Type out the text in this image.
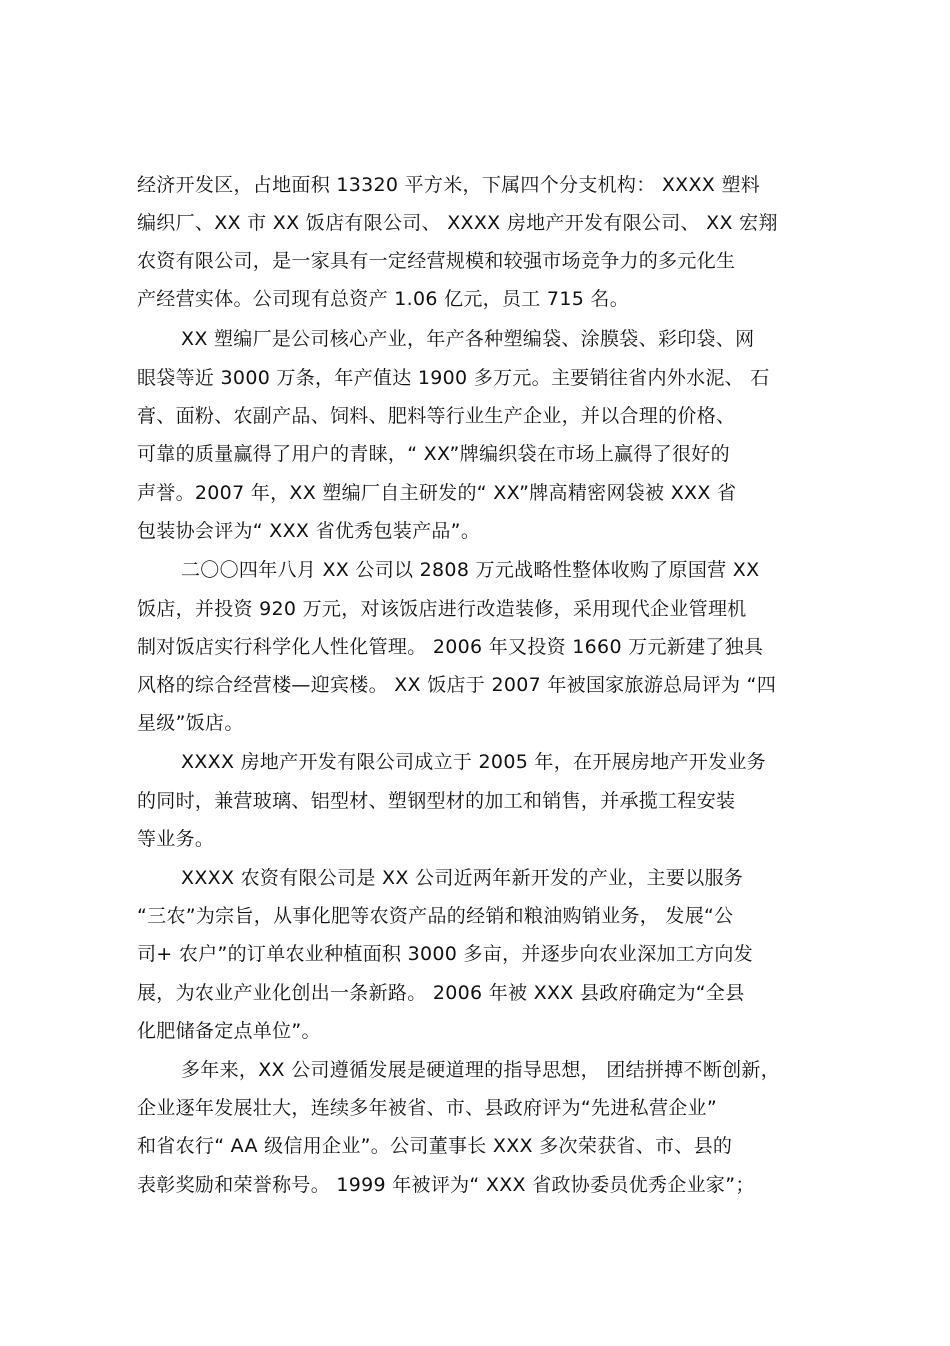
经济开发区，占地面积 13320 平方米，下属四个分支机构： XXXX 塑料
编织厂、XX 市 XX 饭店有限公司、 XXXX 房地产开发有限公司、 XX 宏翔
农资有限公司，是一家具有一定经营规模和较强市场竞争力的多元化生
产经营实体。公司现有总资产 1.06 亿元，员工 715 名。
XX 塑编厂是公司核心产业，年产各种塑编袋、涂膜袋、彩印袋、网
眼袋等近 3000 万条，年产值达 1900 多万元。主要销往省内外水泥、 石
膏、面粉、农副产品、饲料、肥料等行业生产企业，并以合理的价格、
可靠的质量赢得了用户的青睐，“ XX”牌编织袋在市场上赢得了很好的
声誉。2007 年，XX 塑编厂自主研发的“ XX”牌高精密网袋被 XXX 省
包装协会评为“ XXX 省优秀包装产品”。
二〇〇四年八月 XX 公司以 2808 万元战略性整体收购了原国营 XX
饭店，并投资 920 万元，对该饭店进行改造装修，采用现代企业管理机
制对饭店实行科学化人性化管理。 2006 年又投资 1660 万元新建了独具
风格的综合经营楼—迎宾楼。 XX 饭店于 2007 年被国家旅游总局评为 “四
星级”饭店。
XXXX 房地产开发有限公司成立于 2005 年，在开展房地产开发业务
的同时，兼营玻璃、铝型材、塑钢型材的加工和销售，并承揽工程安装
等业务。
XXXX 农资有限公司是 XX 公司近两年新开发的产业，主要以服务
“三农”为宗旨，从事化肥等农资产品的经销和粮油购销业务， 发展“公
司+ 农户”的订单农业种植面积 3000 多亩，并逐步向农业深加工方向发
展，为农业产业化创出一条新路。 2006 年被 XXX 县政府确定为“全县
化肥储备定点单位”。
多年来，XX 公司遵循发展是硬道理的指导思想， 团结拼搏不断创新，
企业逐年发展壮大，连续多年被省、市、县政府评为“先进私营企业”
和省农行“ AA 级信用企业”。公司董事长 XXX 多次荣获省、市、县的
表彰奖励和荣誉称号。 1999 年被评为“ XXX 省政协委员优秀企业家”；
